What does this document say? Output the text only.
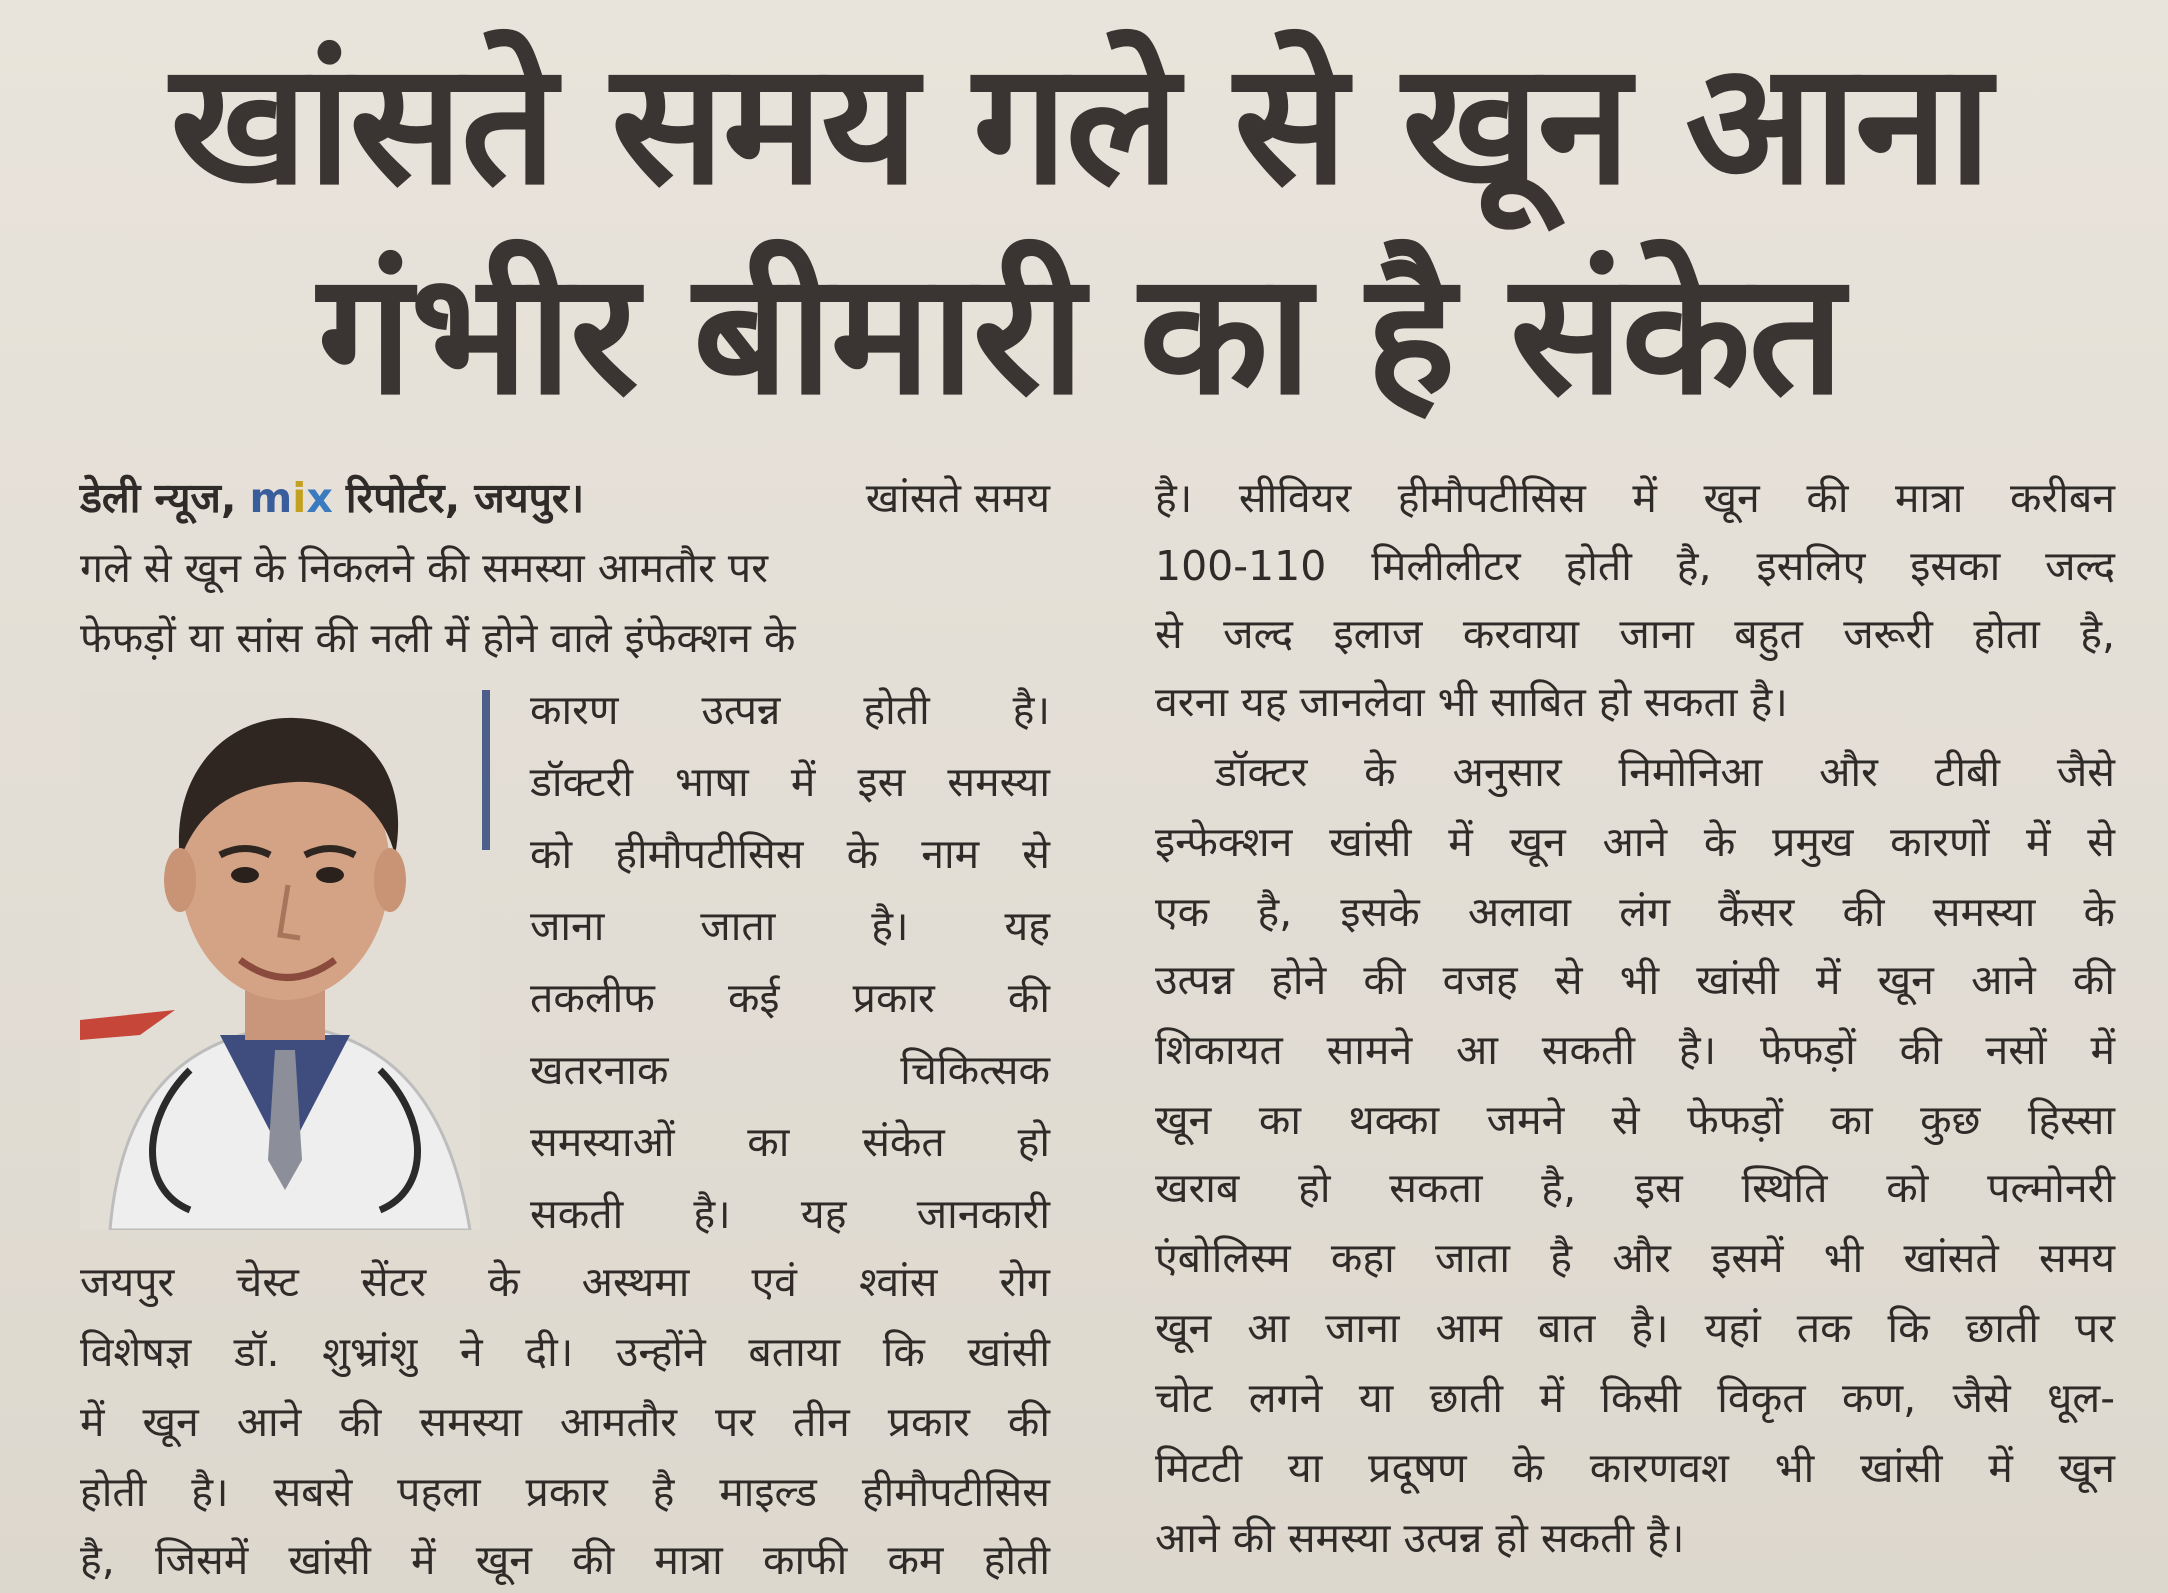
खांसते समय गले से खून आना
गंभीर बीमारी का है संकेत
डेली न्यूज, mix रिपोर्टर, जयपुर।	खांसते समय
गले से खून के निकलने की समस्या आमतौर पर
फेफड़ों या सांस की नली में होने वाले इंफेक्शन के
कारण उत्पन्न होती है।
डॉक्टरी भाषा में इस समस्या
को हीमौपटीसिस के नाम से
जाना जाता है। यह
तकलीफ कई प्रकार की
खतरनाक चिकित्सक
समस्याओं का संकेत हो
सकती है। यह जानकारी
जयपुर चेस्ट सेंटर के अस्थमा एवं श्वांस रोग
विशेषज्ञ डॉ. शुभ्रांशु ने दी। उन्होंने बताया कि खांसी
में खून आने की समस्या आमतौर पर तीन प्रकार की
होती है। सबसे पहला प्रकार है माइल्ड हीमौपटीसिस
है, जिसमें खांसी में खून की मात्रा काफी कम होती
है। सीवियर हीमौपटीसिस में खून की मात्रा करीबन
100-110 मिलीलीटर होती है, इसलिए इसका जल्द
से जल्द इलाज करवाया जाना बहुत जरूरी होता है,
वरना यह जानलेवा भी साबित हो सकता है।
डॉक्टर के अनुसार निमोनिआ और टीबी जैसे
इन्फेक्शन खांसी में खून आने के प्रमुख कारणों में से
एक है, इसके अलावा लंग कैंसर की समस्या के
उत्पन्न होने की वजह से भी खांसी में खून आने की
शिकायत सामने आ सकती है। फेफड़ों की नसों में
खून का थक्का जमने से फेफड़ों का कुछ हिस्सा
खराब हो सकता है, इस स्थिति को पल्मोनरी
एंबोलिस्म कहा जाता है और इसमें भी खांसते समय
खून आ जाना आम बात है। यहां तक कि छाती पर
चोट लगने या छाती में किसी विकृत कण, जैसे धूल-
मिटटी या प्रदूषण के कारणवश भी खांसी में खून
आने की समस्या उत्पन्न हो सकती है।
